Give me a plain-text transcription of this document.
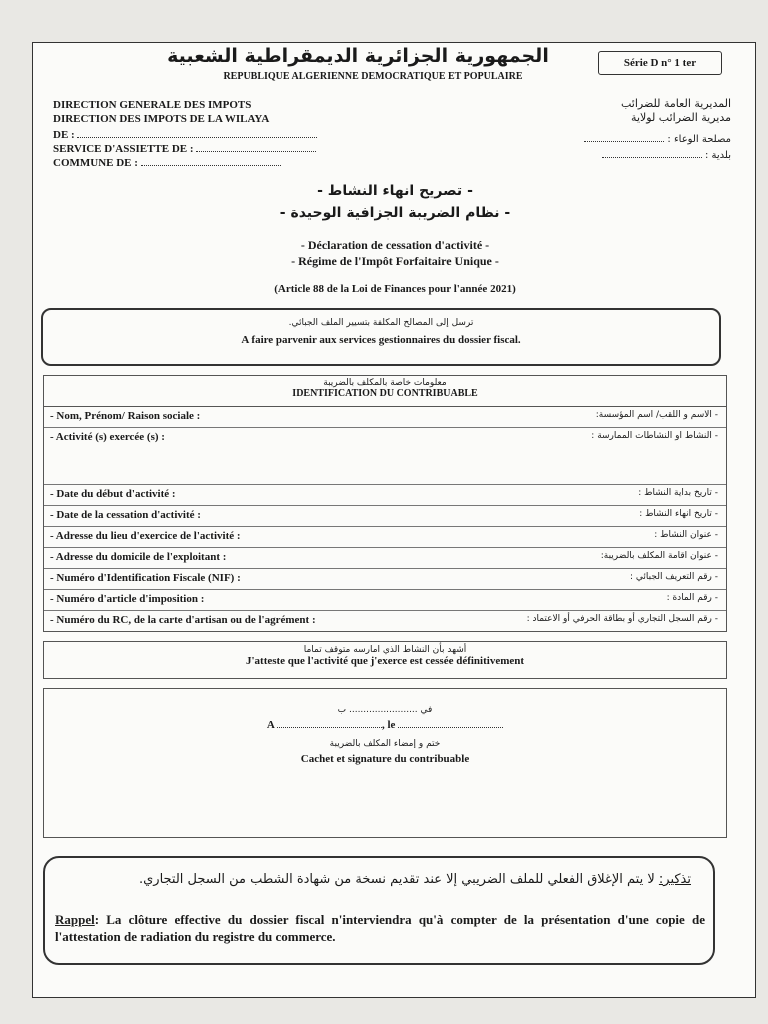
الجمهورية الجزائرية الديمقراطية الشعبية
REPUBLIQUE ALGERIENNE DEMOCRATIQUE ET POPULAIRE
Série D n° 1 ter
DIRECTION GENERALE DES IMPOTS
DIRECTION DES IMPOTS DE LA WILAYA
DE :
SERVICE D'ASSIETTE DE :
COMMUNE DE :
المديرية العامة للضرائب
مديرية الضرائب لولاية
مصلحة الوعاء :
بلدية :
- تصريح انهاء النشاط -
- نظام الضريبة الجزافية الوحيدة -
- Déclaration de cessation d'activité -
- Régime de l'Impôt Forfaitaire Unique -
(Article 88 de la Loi de Finances pour l'année 2021)
ترسل إلى المصالح المكلفة بتسيير الملف الجبائي.
A faire parvenir aux services gestionnaires du dossier fiscal.
معلومات خاصة بالمكلف بالضريبة
IDENTIFICATION DU CONTRIBUABLE
- Nom, Prénom/ Raison sociale :	- الاسم و اللقب/ اسم المؤسسة:
- Activité (s) exercée (s) :	- النشاط او النشاطات الممارسة :
- Date du début d'activité :	- تاريخ بداية النشاط :
- Date de la cessation d'activité :	- تاريخ انهاء النشاط :
- Adresse du lieu d'exercice de l'activité :	- عنوان النشاط :
- Adresse du domicile de l'exploitant :	- عنوان اقامة المكلف بالضريبة:
- Numéro d'Identification Fiscale (NIF) :	- رقم التعريف الجبائي :
- Numéro d'article d'imposition :	- رقم المادة :
- Numéro du RC, de la carte d'artisan ou de l'agrément :	- رقم السجل التجاري أو بطاقة الحرفي أو الاعتماد :
أشهد بأن النشاط الذي امارسه متوقف تماما
J'atteste que l'activité que j'exerce est cessée définitivement
في ........................ ب
A	, le
ختم و إمضاء المكلف بالضريبة
Cachet et signature du contribuable
تذكير: لا يتم الإغلاق الفعلي للملف الضريبي إلا عند تقديم نسخة من شهادة الشطب من السجل التجاري.
Rappel: La clôture effective du dossier fiscal n'interviendra qu'à compter de la présentation d'une copie de l'attestation de radiation du registre du commerce.
